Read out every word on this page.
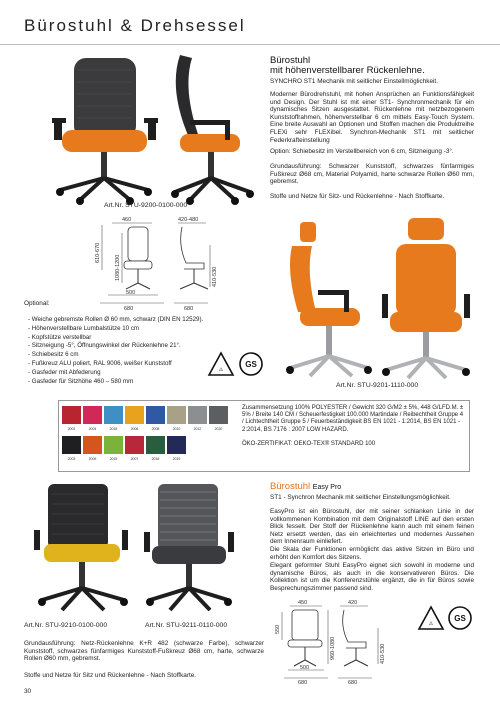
Bürostuhl & Drehsessel
Art.Nr. STU-9200-0100-000
Bürostuhl
mit höhenverstellbarer Rückenlehne.
SYNCHRO ST1 Mechanik mit seitlicher Einstellmöglichkeit.
Moderner Bürodrehstuhl, mit hohen Ansprüchen an Funktionsfähigkeit und Design. Der Stuhl ist mit einer ST1- Synchronmechanik für ein dynamisches Sitzen ausgestattet. Rückenlehne mit netzbezogenem Kunststoffrahmen, höhenverstellbar 6 cm mittels Easy-Touch System. Eine breite Auswahl an Optionen und Stoffen machen die Produktreihe FLEXi sehr FLEXibel. Synchron-Mechanik ST1 mit seitlicher Federkrafteinstellung
Option: Schiebesitz im Verstellbereich von 6 cm, Sitzneigung -3°.
Grundausführung: Schwarzer Kunststoff, schwarzes fünfarmiges Fußkreuz Ø68 cm, Material Polyamid, harte schwarze Rollen Ø60 mm, gebremst.
Stoffe und Netze für Sitz- und Rückenlehne - Nach Stoffkarte.
460	420-480
610-670
1080-1200	410-530
500
680	680
Optional:
- Weiche gebremste Rollen Ø 60 mm, schwarz (DIN EN 12529).
- Höhenverstellbare Lumbalstütze 10 cm
- Kopfstütze verstellbar
- Sitzneigung -5°, Öffnungswinkel der Rückenlehne 21°.
- Schiebesitz 6 cm
- Fußkreuz ALU poliert, RAL 9006, weißer Kunststoff
- Gasfeder mit Abfederung
- Gasfeder für Sitzhöhe 460 – 580 mm
⚠
GS
Art.Nr. STU-9201-1110-000
2002	2004	2018	2006	2008	2010	2012	2020
2003	2009	2015	2007	2016	2019
Zusammensetzung 100% POLYESTER / Gewicht 320 G/M2 ± 5%, 448 G/LFD.M. ± 5% / Breite 140 CM / Scheuerfestigkeit 100.000 Martindale / Reibechtheit Gruppe 4 / Lichtechtheit Gruppe 5 / Feuerbeständigkeit BS EN 1021 - 1:2014, BS EN 1021 - 2:2014, BS 7176 : 2007 LOW HAZARD.
ÖKO-ZERTIFIKAT: OEKO-TEX® STANDARD 100
Art.Nr. STU-9210-0100-000	Art.Nr. STU-9211-0110-000
Bürostuhl Easy Pro
ST1 - Synchron Mechanik mit seitlicher Einstellungsmöglichkeit.
EasyPro ist ein Bürostuhl, der mit seiner schlanken Linie in der vollkommenen Kombination mit dem Originalstoff LINE auf den ersten Blick fesselt. Der Stoff der Rückenlehne kann auch mit einem feinen Netz ersetzt werden, das ein erleichtertes und modernes Aussehen dem Innenraum einliefert.
Die Skala der Funktionen ermöglicht das aktive Sitzen im Büro und erhöht den Komfort des Sitzens.
Elegant geformter Stuhl EasyPro eignet sich sowohl in moderne und dynamische Büros, als auch in die konservativeren Büros. Die Kollektion ist um die Konferenzstühle ergänzt, die in für Büros sowie Besprechungszimmer passend sind.
450	420
550
960-1080	410-530
500
680	680
⚠
GS
Grundausführung: Netz-Rückenlehne K+R 482 (schwarze Farbe), schwarzer Kunststoff, schwarzes fünfarmiges Kunststoff-Fußkreuz Ø68 cm, harte, schwarze Rollen Ø60 mm, gebremst.
Stoffe und Netze für Sitz und Rückenlehne - Nach Stoffkarte.
30
